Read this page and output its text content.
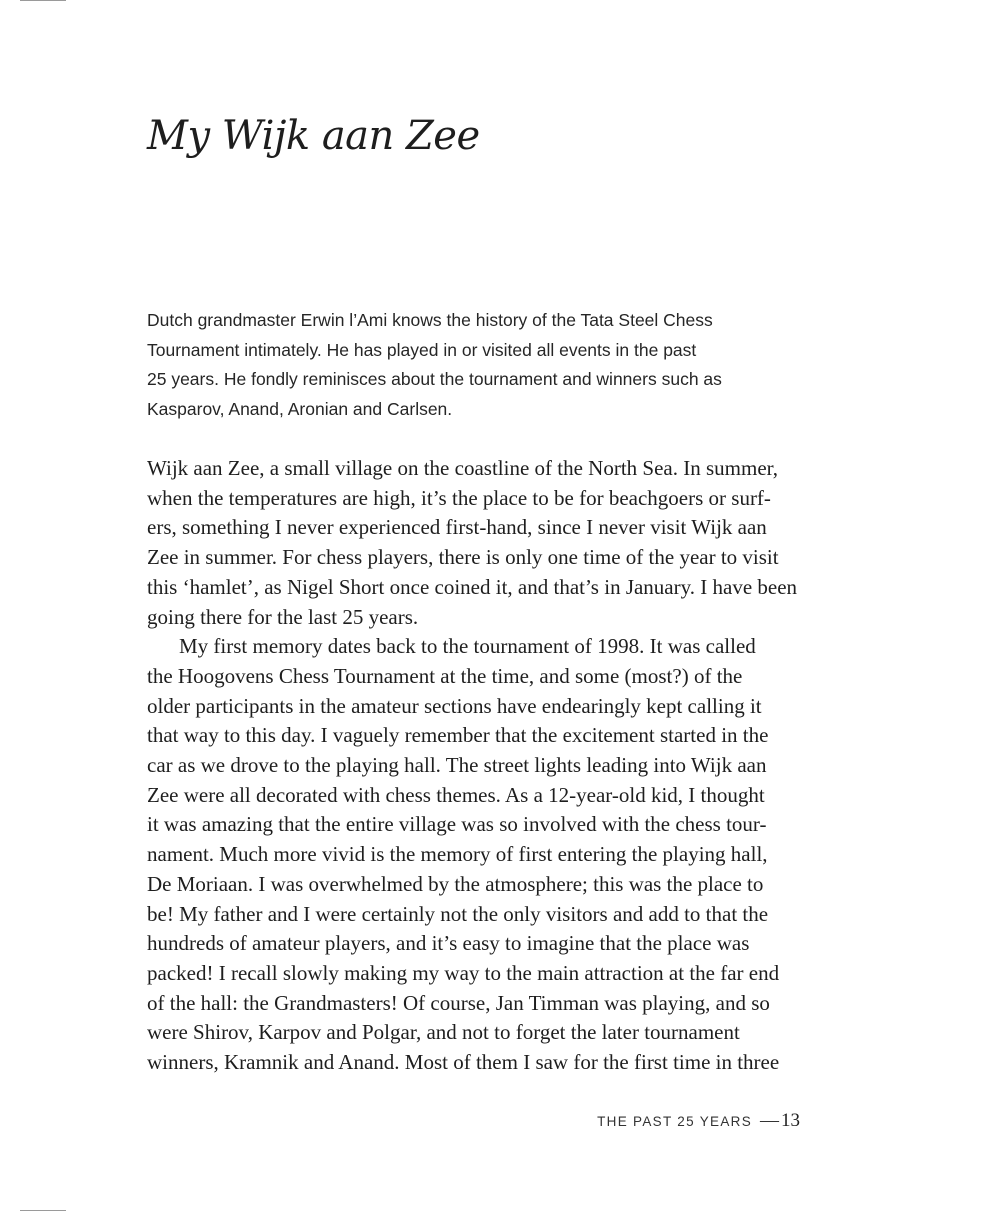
My Wijk aan Zee
Dutch grandmaster Erwin l’Ami knows the history of the Tata Steel Chess
Tournament intimately. He has played in or visited all events in the past
25 years. He fondly reminisces about the tournament and winners such as
Kasparov, Anand, Aronian and Carlsen.

Wijk aan Zee, a small village on the coastline of the North Sea. In summer,

when the temperatures are high, it’s the place to be for beachgoers or surf-

ers, something I never experienced first-hand, since I never visit Wijk aan

Zee in summer. For chess players, there is only one time of the year to visit

this ‘hamlet’, as Nigel Short once coined it, and that’s in January. I have been

going there for the last 25 years.

My first memory dates back to the tournament of 1998. It was called

the Hoogovens Chess Tournament at the time, and some (most?) of the

older participants in the amateur sections have endearingly kept calling it

that way to this day. I vaguely remember that the excitement started in the

car as we drove to the playing hall. The street lights leading into Wijk aan

Zee were all decorated with chess themes. As a 12-year-old kid, I thought

it was amazing that the entire village was so involved with the chess tour-

nament. Much more vivid is the memory of first entering the playing hall,

De Moriaan. I was overwhelmed by the atmosphere; this was the place to

be! My father and I were certainly not the only visitors and add to that the

hundreds of amateur players, and it’s easy to imagine that the place was

packed! I recall slowly making my way to the main attraction at the far end

of the hall: the Grandmasters! Of course, Jan Timman was playing, and so

were Shirov, Karpov and Polgar, and not to forget the later tournament

winners, Kramnik and Anand. Most of them I saw for the first time in three

THE PAST 25 YEARS — 13
